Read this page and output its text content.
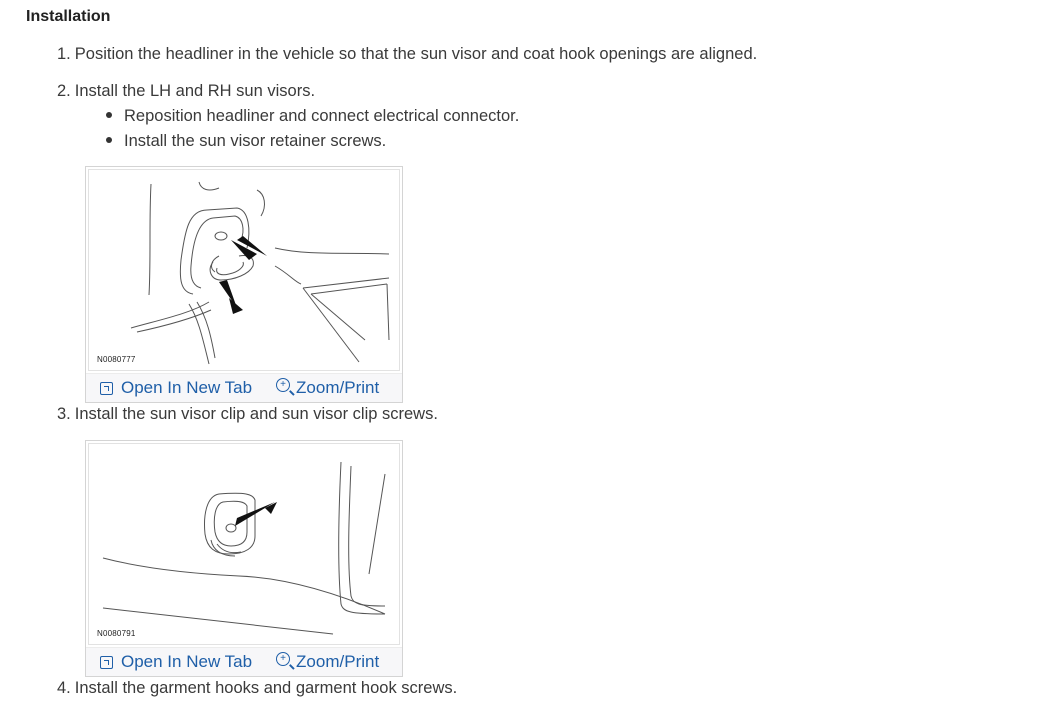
Installation
1. Position the headliner in the vehicle so that the sun visor and coat hook openings are aligned.
2. Install the LH and RH sun visors.
Reposition headliner and connect electrical connector.
Install the sun visor retainer screws.
N0080777
Open In New Tab	+ Zoom/Print
3. Install the sun visor clip and sun visor clip screws.
N0080791
Open In New Tab	+ Zoom/Print
4. Install the garment hooks and garment hook screws.
